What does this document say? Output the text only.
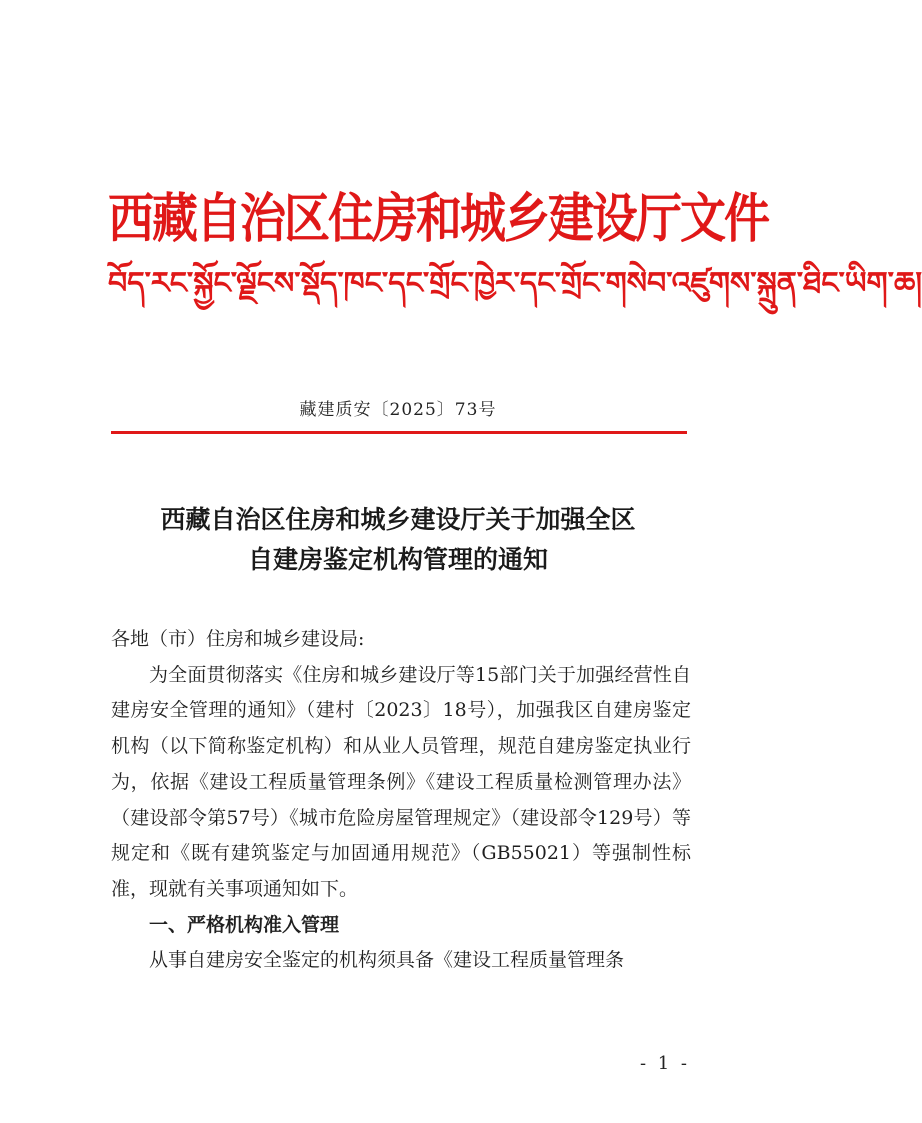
西藏自治区住房和城乡建设厅文件
བོད་རང་སྐྱོང་ལྗོངས་སྡོད་ཁང་དང་གྲོང་ཁྱེར་དང་གྲོང་གསེབ་འཛུགས་སྐྲུན་ཐིང་ཡིག་ཆ།
藏建质安〔2025〕73号
西藏自治区住房和城乡建设厅关于加强全区
自建房鉴定机构管理的通知

各地（市）住房和城乡建设局:

为全面贯彻落实《住房和城乡建设厅等15部门关于加强经营性自建房安全管理的通知》（建村〔2023〕18号），加强我区自建房鉴定机构（以下简称鉴定机构）和从业人员管理，规范自建房鉴定执业行为，依据《建设工程质量管理条例》《建设工程质量检测管理办法》（建设部令第57号）《城市危险房屋管理规定》（建设部令129号）等规定和《既有建筑鉴定与加固通用规范》（GB55021）等强制性标准，现就有关事项通知如下。

一、严格机构准入管理

从事自建房安全鉴定的机构须具备《建设工程质量管理条

- 1 -
